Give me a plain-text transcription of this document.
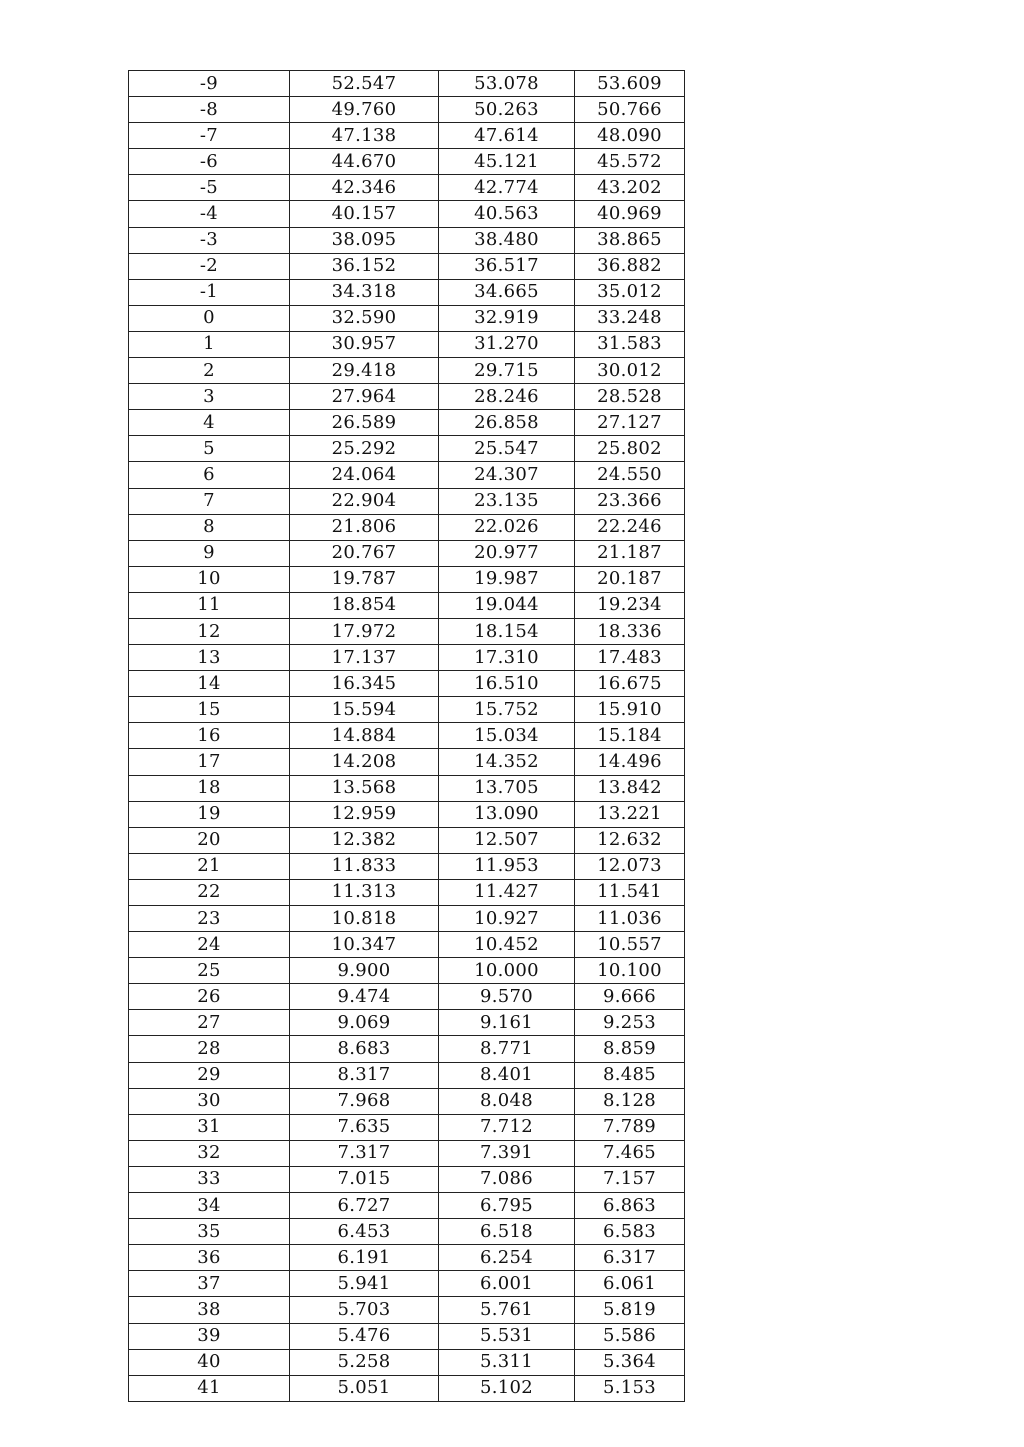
-9	52.547	53.078	53.609
-8	49.760	50.263	50.766
-7	47.138	47.614	48.090
-6	44.670	45.121	45.572
-5	42.346	42.774	43.202
-4	40.157	40.563	40.969
-3	38.095	38.480	38.865
-2	36.152	36.517	36.882
-1	34.318	34.665	35.012
0	32.590	32.919	33.248
1	30.957	31.270	31.583
2	29.418	29.715	30.012
3	27.964	28.246	28.528
4	26.589	26.858	27.127
5	25.292	25.547	25.802
6	24.064	24.307	24.550
7	22.904	23.135	23.366
8	21.806	22.026	22.246
9	20.767	20.977	21.187
10	19.787	19.987	20.187
11	18.854	19.044	19.234
12	17.972	18.154	18.336
13	17.137	17.310	17.483
14	16.345	16.510	16.675
15	15.594	15.752	15.910
16	14.884	15.034	15.184
17	14.208	14.352	14.496
18	13.568	13.705	13.842
19	12.959	13.090	13.221
20	12.382	12.507	12.632
21	11.833	11.953	12.073
22	11.313	11.427	11.541
23	10.818	10.927	11.036
24	10.347	10.452	10.557
25	9.900	10.000	10.100
26	9.474	9.570	9.666
27	9.069	9.161	9.253
28	8.683	8.771	8.859
29	8.317	8.401	8.485
30	7.968	8.048	8.128
31	7.635	7.712	7.789
32	7.317	7.391	7.465
33	7.015	7.086	7.157
34	6.727	6.795	6.863
35	6.453	6.518	6.583
36	6.191	6.254	6.317
37	5.941	6.001	6.061
38	5.703	5.761	5.819
39	5.476	5.531	5.586
40	5.258	5.311	5.364
41	5.051	5.102	5.153
